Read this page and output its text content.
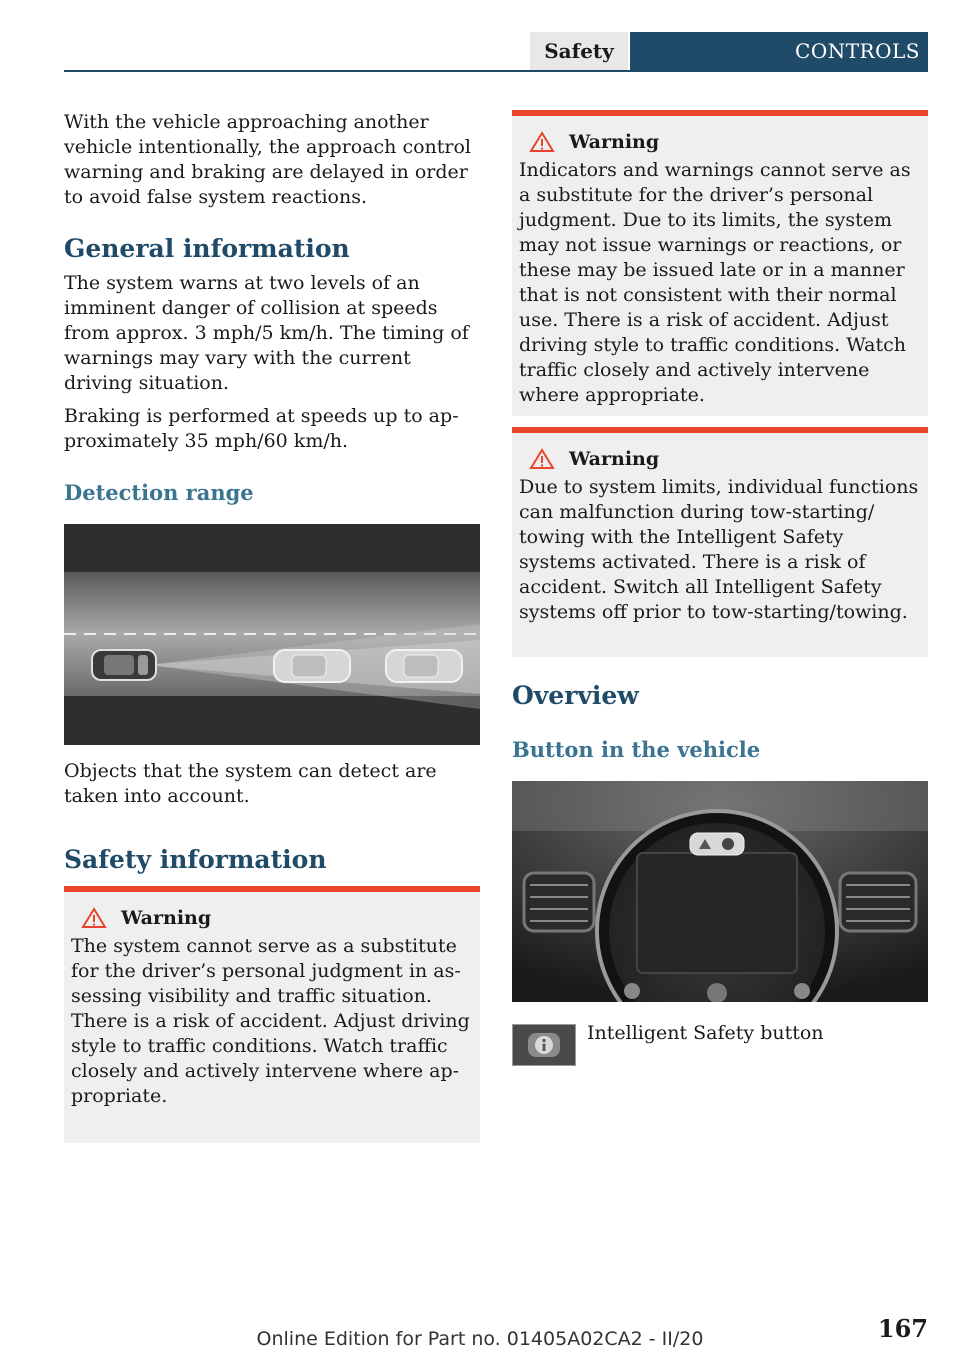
Safety	CONTROLS

With the vehicle approaching another vehicle intentionally, the approach control warning and braking are delayed in order to avoid false system reactions.

General information

The system warns at two levels of an imminent danger of collision at speeds from approx. 3 mph/5 km/h. The timing of warnings may vary with the current driving situation.

Braking is performed at speeds up to approximately 35 mph/60 km/h.

Detection range

Objects that the system can detect are taken into account.

Safety information
Warning

The system cannot serve as a substitute for the driver’s personal judgment in assessing visibility and traffic situation. There is a risk of accident. Adjust driving style to traffic conditions. Watch traffic closely and actively intervene where appropriate.

Warning

Indicators and warnings cannot serve as a substitute for the driver’s personal judgment. Due to its limits, the system may not issue warnings or reactions, or these may be issued late or in a manner that is not consistent with their normal use. There is a risk of accident. Adjust driving style to traffic conditions. Watch traffic closely and actively intervene where appropriate.

Warning

Due to system limits, individual functions can malfunction during tow-starting/ towing with the Intelligent Safety systems activated. There is a risk of accident. Switch all Intelligent Safety systems off prior to tow-starting/towing.

Overview
Button in the vehicle

Intelligent Safety button

167
Online Edition for Part no. 01405A02CA2 - II/20
